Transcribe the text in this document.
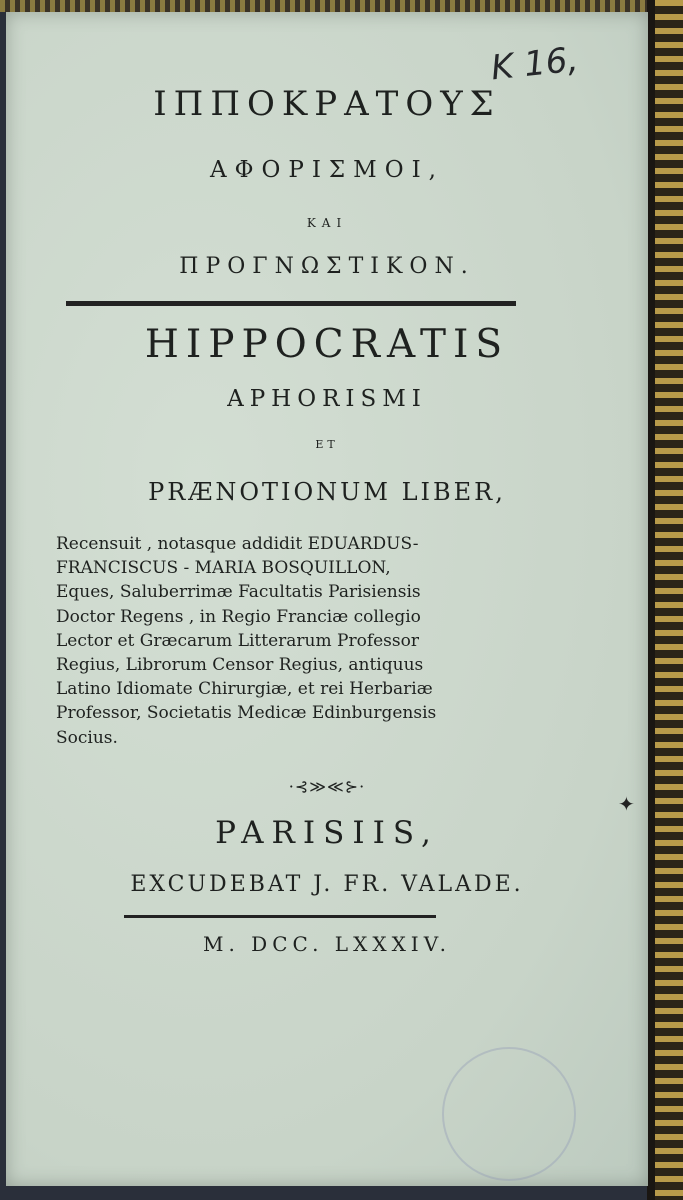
K 16,
ΙΠΠΟΚΡΑΤΟΥΣ
ΑΦΟΡΙΣΜΟΙ,
ΚΑΙ
ΠΡΟΓΝΩΣΤΙΚΟΝ.
HIPPOCRATIS
APHORISMI
ET
PRÆNOTIONUM LIBER,
Recensuit , notasque addidit EDUARDUS-
FRANCISCUS - MARIA BOSQUILLON,
Eques, Saluberrimæ Facultatis Parisiensis
Doctor Regens , in Regio Franciæ collegio
Lector et Græcarum Litterarum Professor
Regius, Librorum Censor Regius, antiquus
Latino Idiomate Chirurgiæ, et rei Herbariæ
Professor, Societatis Medicæ Edinburgensis
Socius.
·⊰≫≪⊱·
PARISIIS,
EXCUDEBAT J. FR. VALADE.
M. DCC. LXXXIV.
✦
